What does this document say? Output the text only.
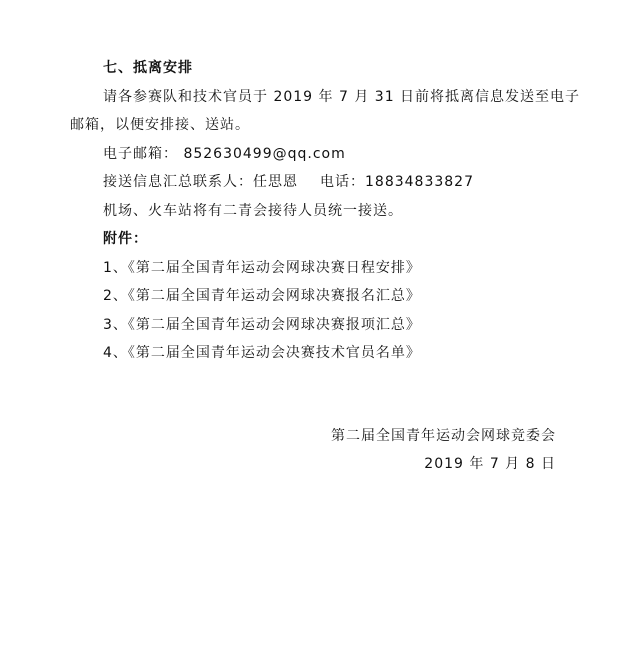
七、抵离安排
请各参赛队和技术官员于 2019 年 7 月 31 日前将抵离信息发送至电子
邮箱，以便安排接、送站。
电子邮箱： 852630499@qq.com
接送信息汇总联系人：任思恩 电话：18834833827
机场、火车站将有二青会接待人员统一接送。
附件：
1、《第二届全国青年运动会网球决赛日程安排》
2、《第二届全国青年运动会网球决赛报名汇总》
3、《第二届全国青年运动会网球决赛报项汇总》
4、《第二届全国青年运动会决赛技术官员名单》
第二届全国青年运动会网球竞委会
2019 年 7 月 8 日
